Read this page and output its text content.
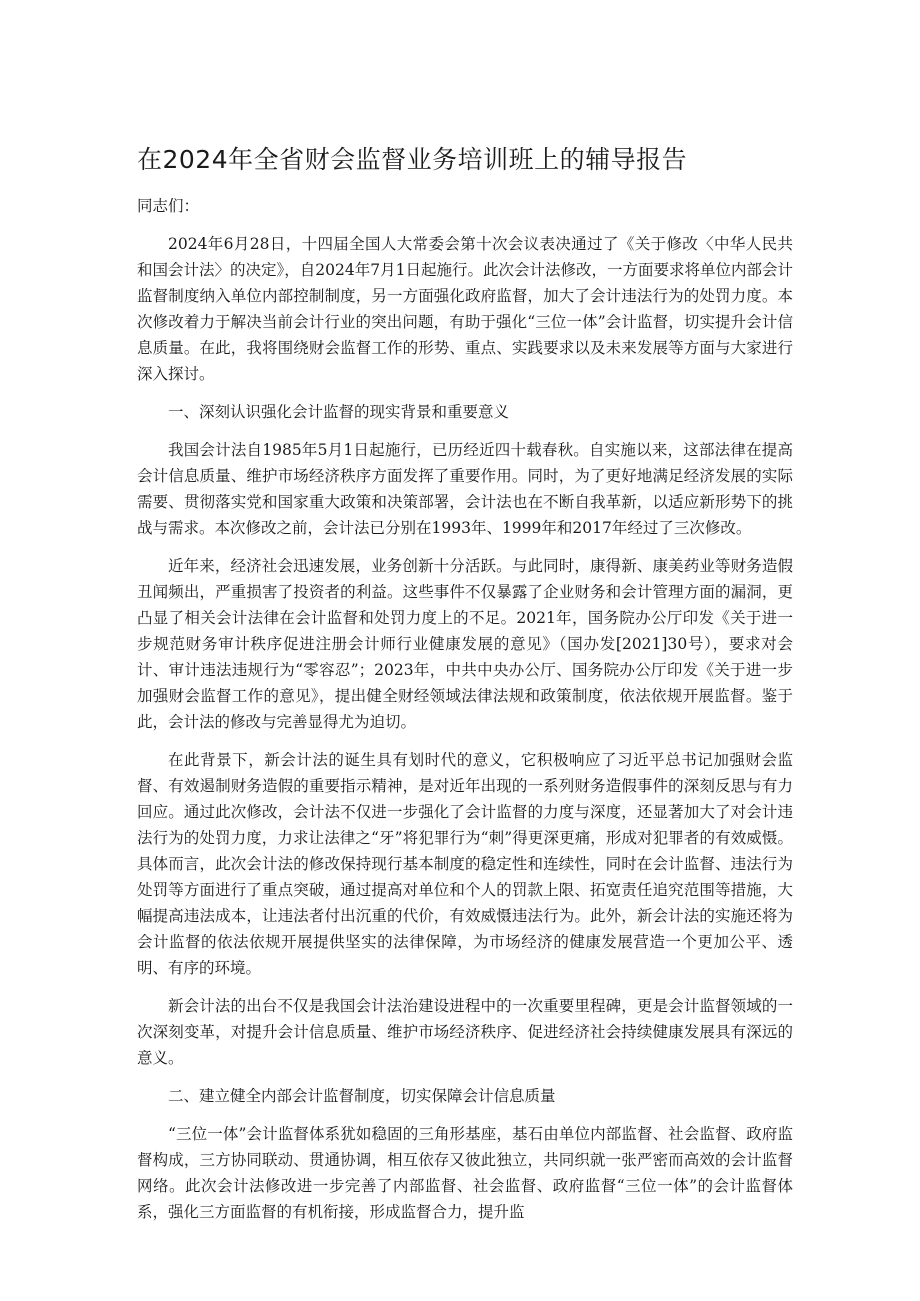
在2024年全省财会监督业务培训班上的辅导报告

同志们：

2024年6月28日，十四届全国人大常委会第十次会议表决通过了《关于修改〈中华人民共和国会计法〉的决定》，自2024年7月1日起施行。此次会计法修改，一方面要求将单位内部会计监督制度纳入单位内部控制制度，另一方面强化政府监督，加大了会计违法行为的处罚力度。本次修改着力于解决当前会计行业的突出问题，有助于强化“三位一体”会计监督，切实提升会计信息质量。在此，我将围绕财会监督工作的形势、重点、实践要求以及未来发展等方面与大家进行深入探讨。

一、深刻认识强化会计监督的现实背景和重要意义

我国会计法自1985年5月1日起施行，已历经近四十载春秋。自实施以来，这部法律在提高会计信息质量、维护市场经济秩序方面发挥了重要作用。同时，为了更好地满足经济发展的实际需要、贯彻落实党和国家重大政策和决策部署，会计法也在不断自我革新，以适应新形势下的挑战与需求。本次修改之前，会计法已分别在1993年、1999年和2017年经过了三次修改。

近年来，经济社会迅速发展，业务创新十分活跃。与此同时，康得新、康美药业等财务造假丑闻频出，严重损害了投资者的利益。这些事件不仅暴露了企业财务和会计管理方面的漏洞，更凸显了相关会计法律在会计监督和处罚力度上的不足。2021年，国务院办公厅印发《关于进一步规范财务审计秩序促进注册会计师行业健康发展的意见》（国办发[2021]30号），要求对会计、审计违法违规行为“零容忍”；2023年，中共中央办公厅、国务院办公厅印发《关于进一步加强财会监督工作的意见》，提出健全财经领域法律法规和政策制度，依法依规开展监督。鉴于此，会计法的修改与完善显得尤为迫切。

在此背景下，新会计法的诞生具有划时代的意义，它积极响应了习近平总书记加强财会监督、有效遏制财务造假的重要指示精神，是对近年出现的一系列财务造假事件的深刻反思与有力回应。通过此次修改，会计法不仅进一步强化了会计监督的力度与深度，还显著加大了对会计违法行为的处罚力度，力求让法律之“牙”将犯罪行为“刺”得更深更痛，形成对犯罪者的有效威慑。具体而言，此次会计法的修改保持现行基本制度的稳定性和连续性，同时在会计监督、违法行为处罚等方面进行了重点突破，通过提高对单位和个人的罚款上限、拓宽责任追究范围等措施，大幅提高违法成本，让违法者付出沉重的代价，有效威慑违法行为。此外，新会计法的实施还将为会计监督的依法依规开展提供坚实的法律保障，为市场经济的健康发展营造一个更加公平、透明、有序的环境。

新会计法的出台不仅是我国会计法治建设进程中的一次重要里程碑，更是会计监督领域的一次深刻变革，对提升会计信息质量、维护市场经济秩序、促进经济社会持续健康发展具有深远的意义。

二、建立健全内部会计监督制度，切实保障会计信息质量

“三位一体”会计监督体系犹如稳固的三角形基座，基石由单位内部监督、社会监督、政府监督构成，三方协同联动、贯通协调，相互依存又彼此独立，共同织就一张严密而高效的会计监督网络。此次会计法修改进一步完善了内部监督、社会监督、政府监督“三位一体”的会计监督体系，强化三方面监督的有机衔接，形成监督合力，提升监
